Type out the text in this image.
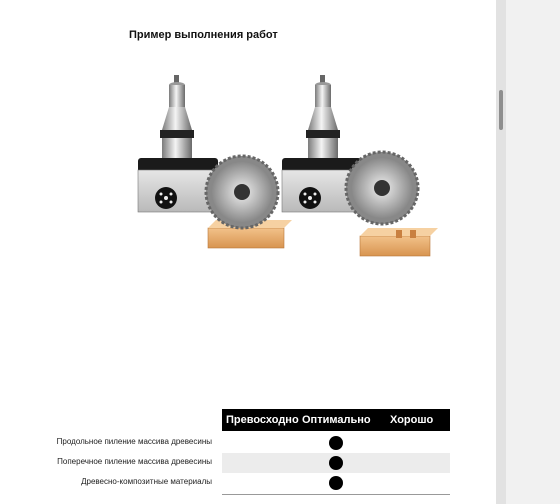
Пример выполнения работ
Превосходно Оптимально Хорошо
Продольное пиление массива древесины
Поперечное пиление массива древесины
Древесно-композитные материалы
